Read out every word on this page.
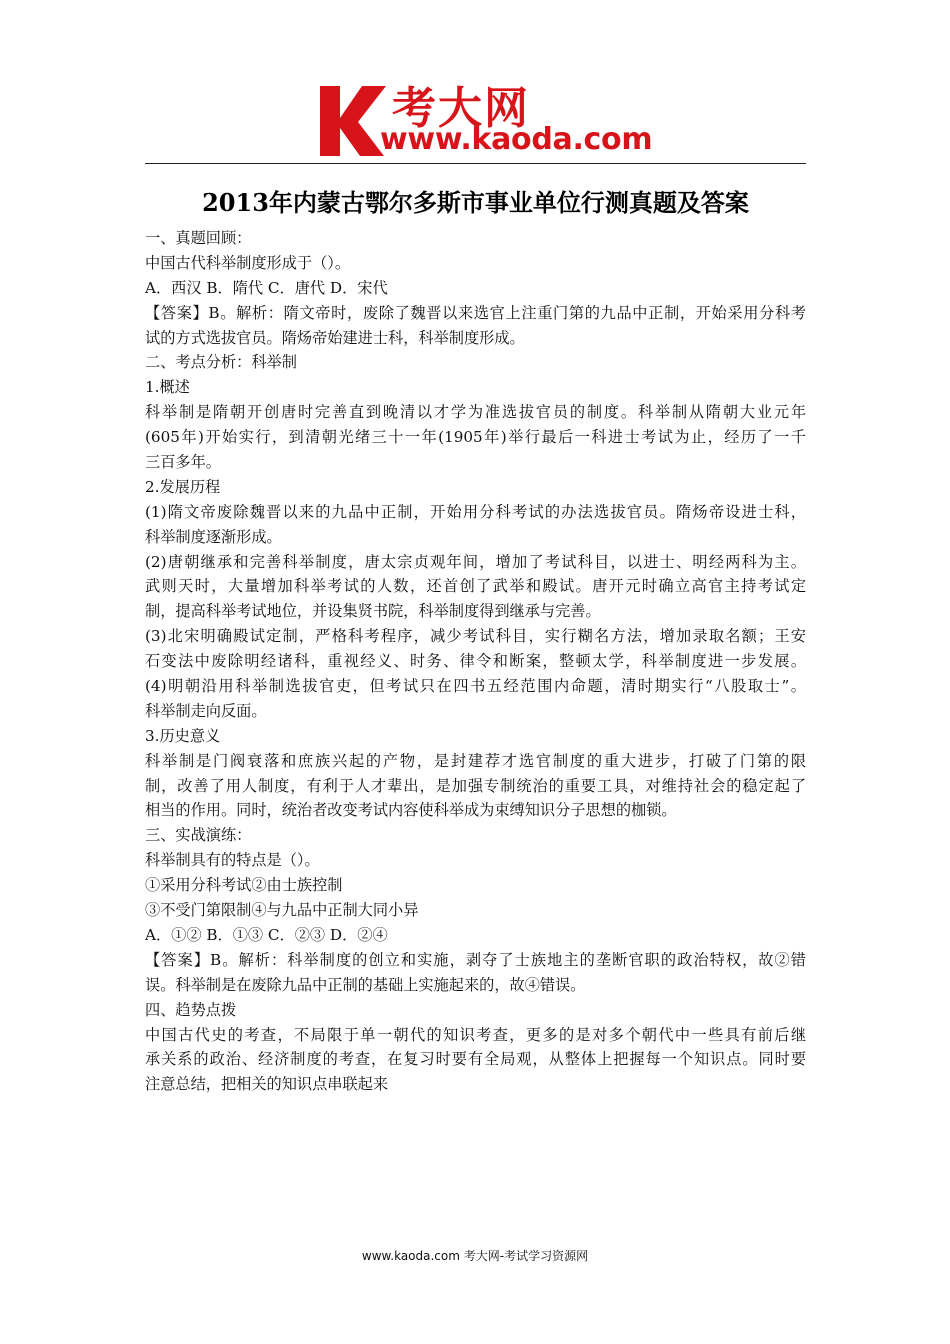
考大网
www.kaoda.com
2013年内蒙古鄂尔多斯市事业单位行测真题及答案
一、真题回顾：
中国古代科举制度形成于（）。
A．西汉 B．隋代 C．唐代 D．宋代
【答案】B。解析：隋文帝时，废除了魏晋以来选官上注重门第的九品中正制，开始采用分科考
试的方式选拔官员。隋炀帝始建进士科，科举制度形成。
二、考点分析：科举制
1.概述
科举制是隋朝开创唐时完善直到晚清以才学为准选拔官员的制度。科举制从隋朝大业元年
(605年)开始实行，到清朝光绪三十一年(1905年)举行最后一科进士考试为止，经历了一千
三百多年。
2.发展历程
(1)隋文帝废除魏晋以来的九品中正制，开始用分科考试的办法选拔官员。隋炀帝设进士科，
科举制度逐渐形成。
(2)唐朝继承和完善科举制度，唐太宗贞观年间，增加了考试科目，以进士、明经两科为主。
武则天时，大量增加科举考试的人数，还首创了武举和殿试。唐开元时确立高官主持考试定
制，提高科举考试地位，并设集贤书院，科举制度得到继承与完善。
(3)北宋明确殿试定制，严格科考程序，减少考试科目，实行糊名方法，增加录取名额；王安
石变法中废除明经诸科，重视经义、时务、律令和断案，整顿太学，科举制度进一步发展。
(4)明朝沿用科举制选拔官吏，但考试只在四书五经范围内命题，清时期实行“八股取士”。
科举制走向反面。
3.历史意义
科举制是门阀衰落和庶族兴起的产物，是封建荐才选官制度的重大进步，打破了门第的限
制，改善了用人制度，有利于人才辈出，是加强专制统治的重要工具，对维持社会的稳定起了
相当的作用。同时，统治者改变考试内容使科举成为束缚知识分子思想的枷锁。
三、实战演练：
科举制具有的特点是（）。
①采用分科考试②由士族控制
③不受门第限制④与九品中正制大同小异
A．①② B．①③ C．②③ D．②④
【答案】B。解析：科举制度的创立和实施，剥夺了士族地主的垄断官职的政治特权，故②错
误。科举制是在废除九品中正制的基础上实施起来的，故④错误。
四、趋势点拨
中国古代史的考查，不局限于单一朝代的知识考查，更多的是对多个朝代中一些具有前后继
承关系的政治、经济制度的考查，在复习时要有全局观，从整体上把握每一个知识点。同时要
注意总结，把相关的知识点串联起来
www.kaoda.com 考大网-考试学习资源网
